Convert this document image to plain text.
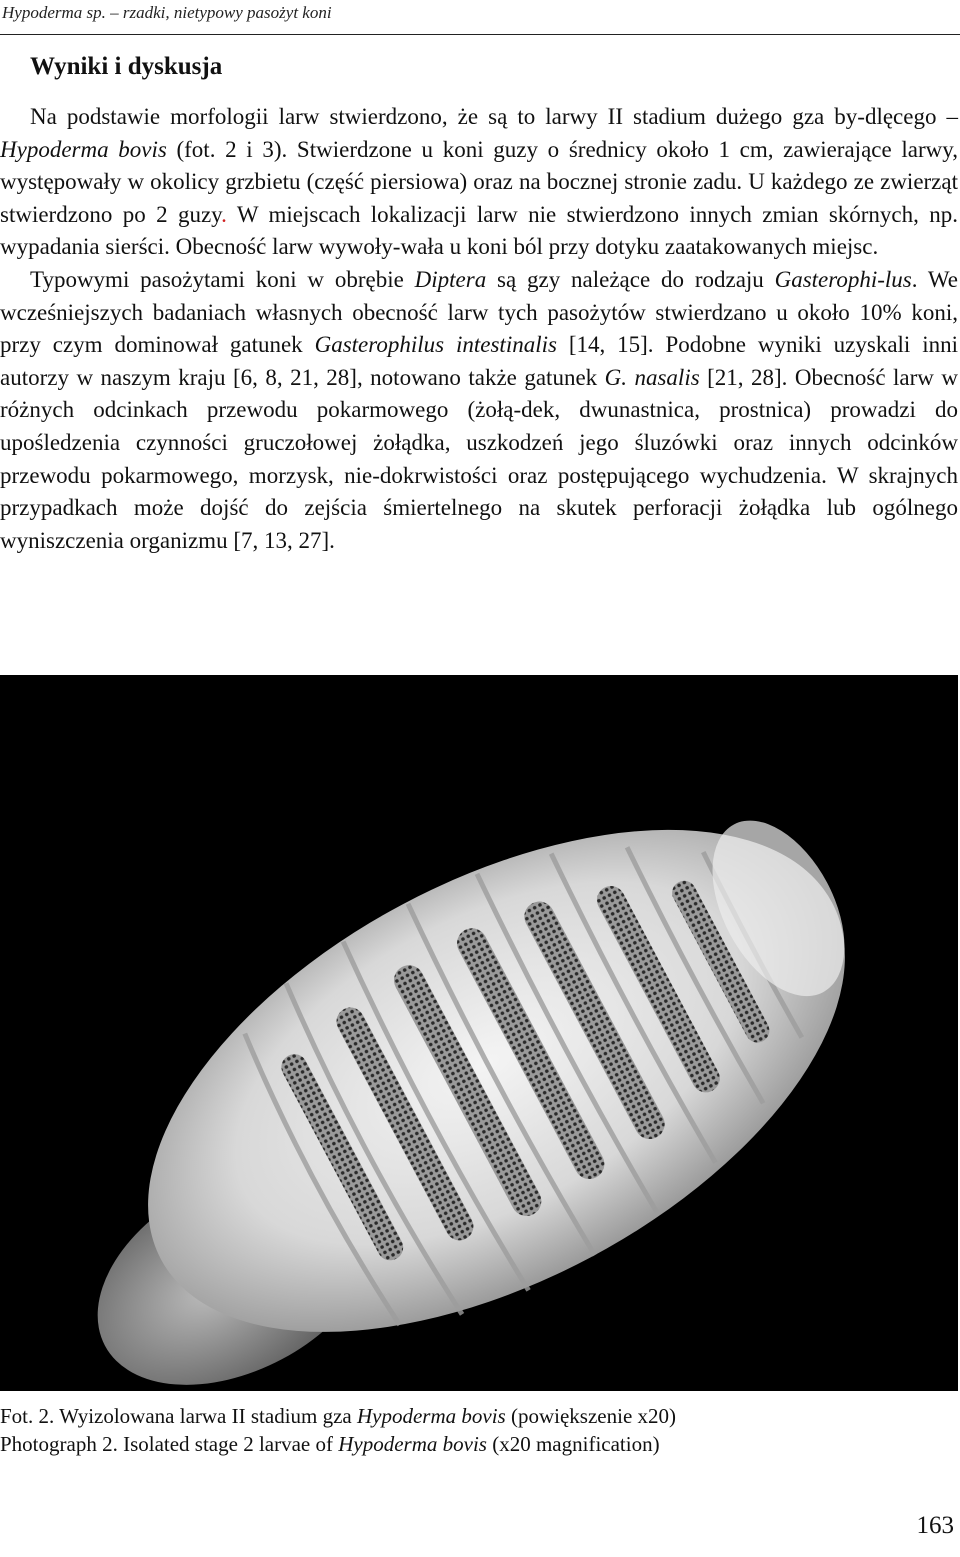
Hypoderma sp. – rzadki, nietypowy pasożyt koni
Wyniki i dyskusja

Na podstawie morfologii larw stwierdzono, że są to larwy II stadium dużego gza by-dlęcego – Hypoderma bovis (fot. 2 i 3). Stwierdzone u koni guzy o średnicy około 1 cm, zawierające larwy, występowały w okolicy grzbietu (część piersiowa) oraz na bocznej stronie zadu. U każdego ze zwierząt stwierdzono po 2 guzy. W miejscach lokalizacji larw nie stwierdzono innych zmian skórnych, np. wypadania sierści. Obecność larw wywoły-wała u koni ból przy dotyku zaatakowanych miejsc.

Typowymi pasożytami koni w obrębie Diptera są gzy należące do rodzaju Gasterophi-lus. We wcześniejszych badaniach własnych obecność larw tych pasożytów stwierdzano u około 10% koni, przy czym dominował gatunek Gasterophilus intestinalis [14, 15]. Podobne wyniki uzyskali inni autorzy w naszym kraju [6, 8, 21, 28], notowano także gatunek G. nasalis [21, 28]. Obecność larw w różnych odcinkach przewodu pokarmowego (żołą-dek, dwunastnica, prostnica) prowadzi do upośledzenia czynności gruczołowej żołądka, uszkodzeń jego śluzówki oraz innych odcinków przewodu pokarmowego, morzysk, nie-dokrwistości oraz postępującego wychudzenia. W skrajnych przypadkach może dojść do zejścia śmiertelnego na skutek perforacji żołądka lub ogólnego wyniszczenia organizmu [7, 13, 27].

Fot. 2. Wyizolowana larwa II stadium gza Hypoderma bovis (powiększenie x20)
Photograph 2. Isolated stage 2 larvae of Hypoderma bovis (x20 magnification)
163
